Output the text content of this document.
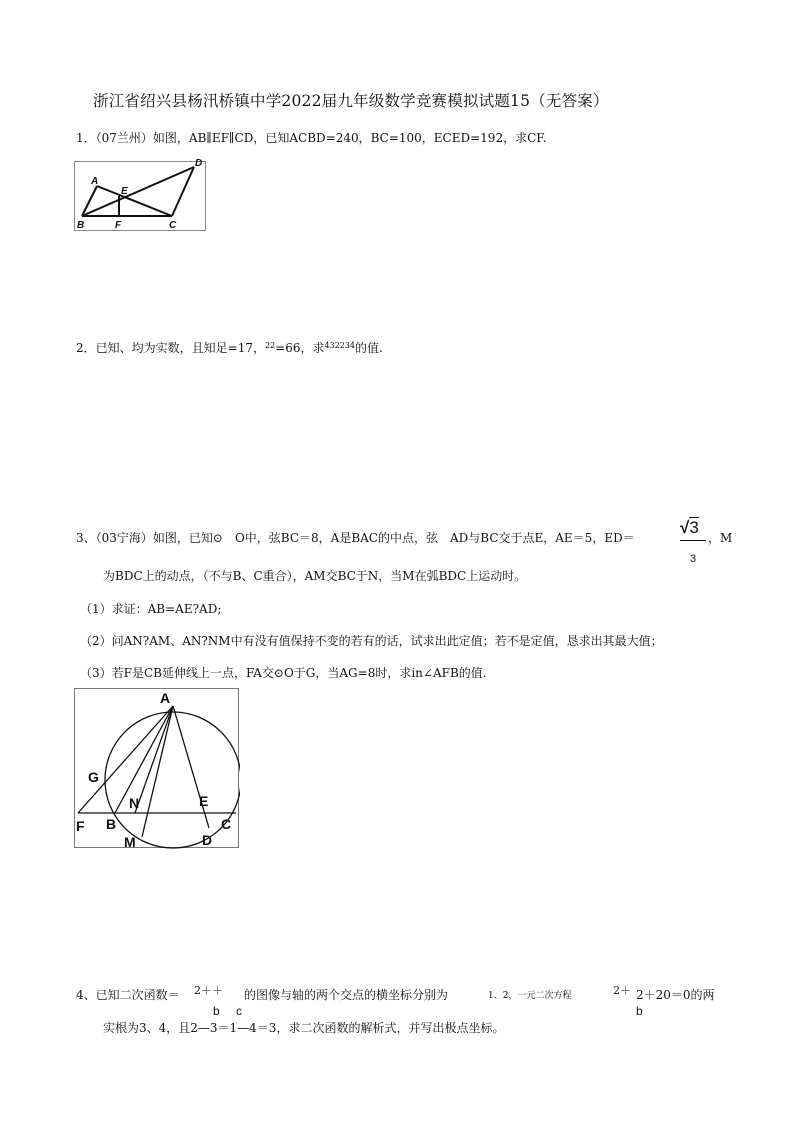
浙江省绍兴县杨汛桥镇中学2022届九年级数学竞赛模拟试题15（无答案）
1．（07兰州）如图，AB∥EF∥CD，已知ACBD=240，BC=100，ECED=192，求CF.
A
B	C
D
E
F
2．已知、均为实数，且知足=17，$^{22}$=66，求$^{432234}$的值.
3、（03宁海）如图，已知⊙　O中，弦BC＝8，A是BAC的中点，弦　AD与BC交于点E，AE＝5，ED＝
√3
3
，M
为BDC上的动点，（不与B、C重合），AM交BC于N，当M在弧BDC上运动时。
（1）求证：AB=AE?AD;
（2）问AN?AM、AN?NM中有没有值保持不变的若有的话，试求出此定值；若不是定值，恳求出其最大值；
（3）若F是CB延伸线上一点，FA交⊙O于G，当AG=8时，求in∠AFB的值.
A
G
N	E
F B	C
M	D
4、已知二次函数＝ 2＋＋ 的图像与轴的两个交点的横坐标分别为	1、2，一元二次方程	2＋ 2＋20＝0的两
b c	b
实根为3、4，且2—3＝1—4＝3，求二次函数的解析式，并写出极点坐标。
